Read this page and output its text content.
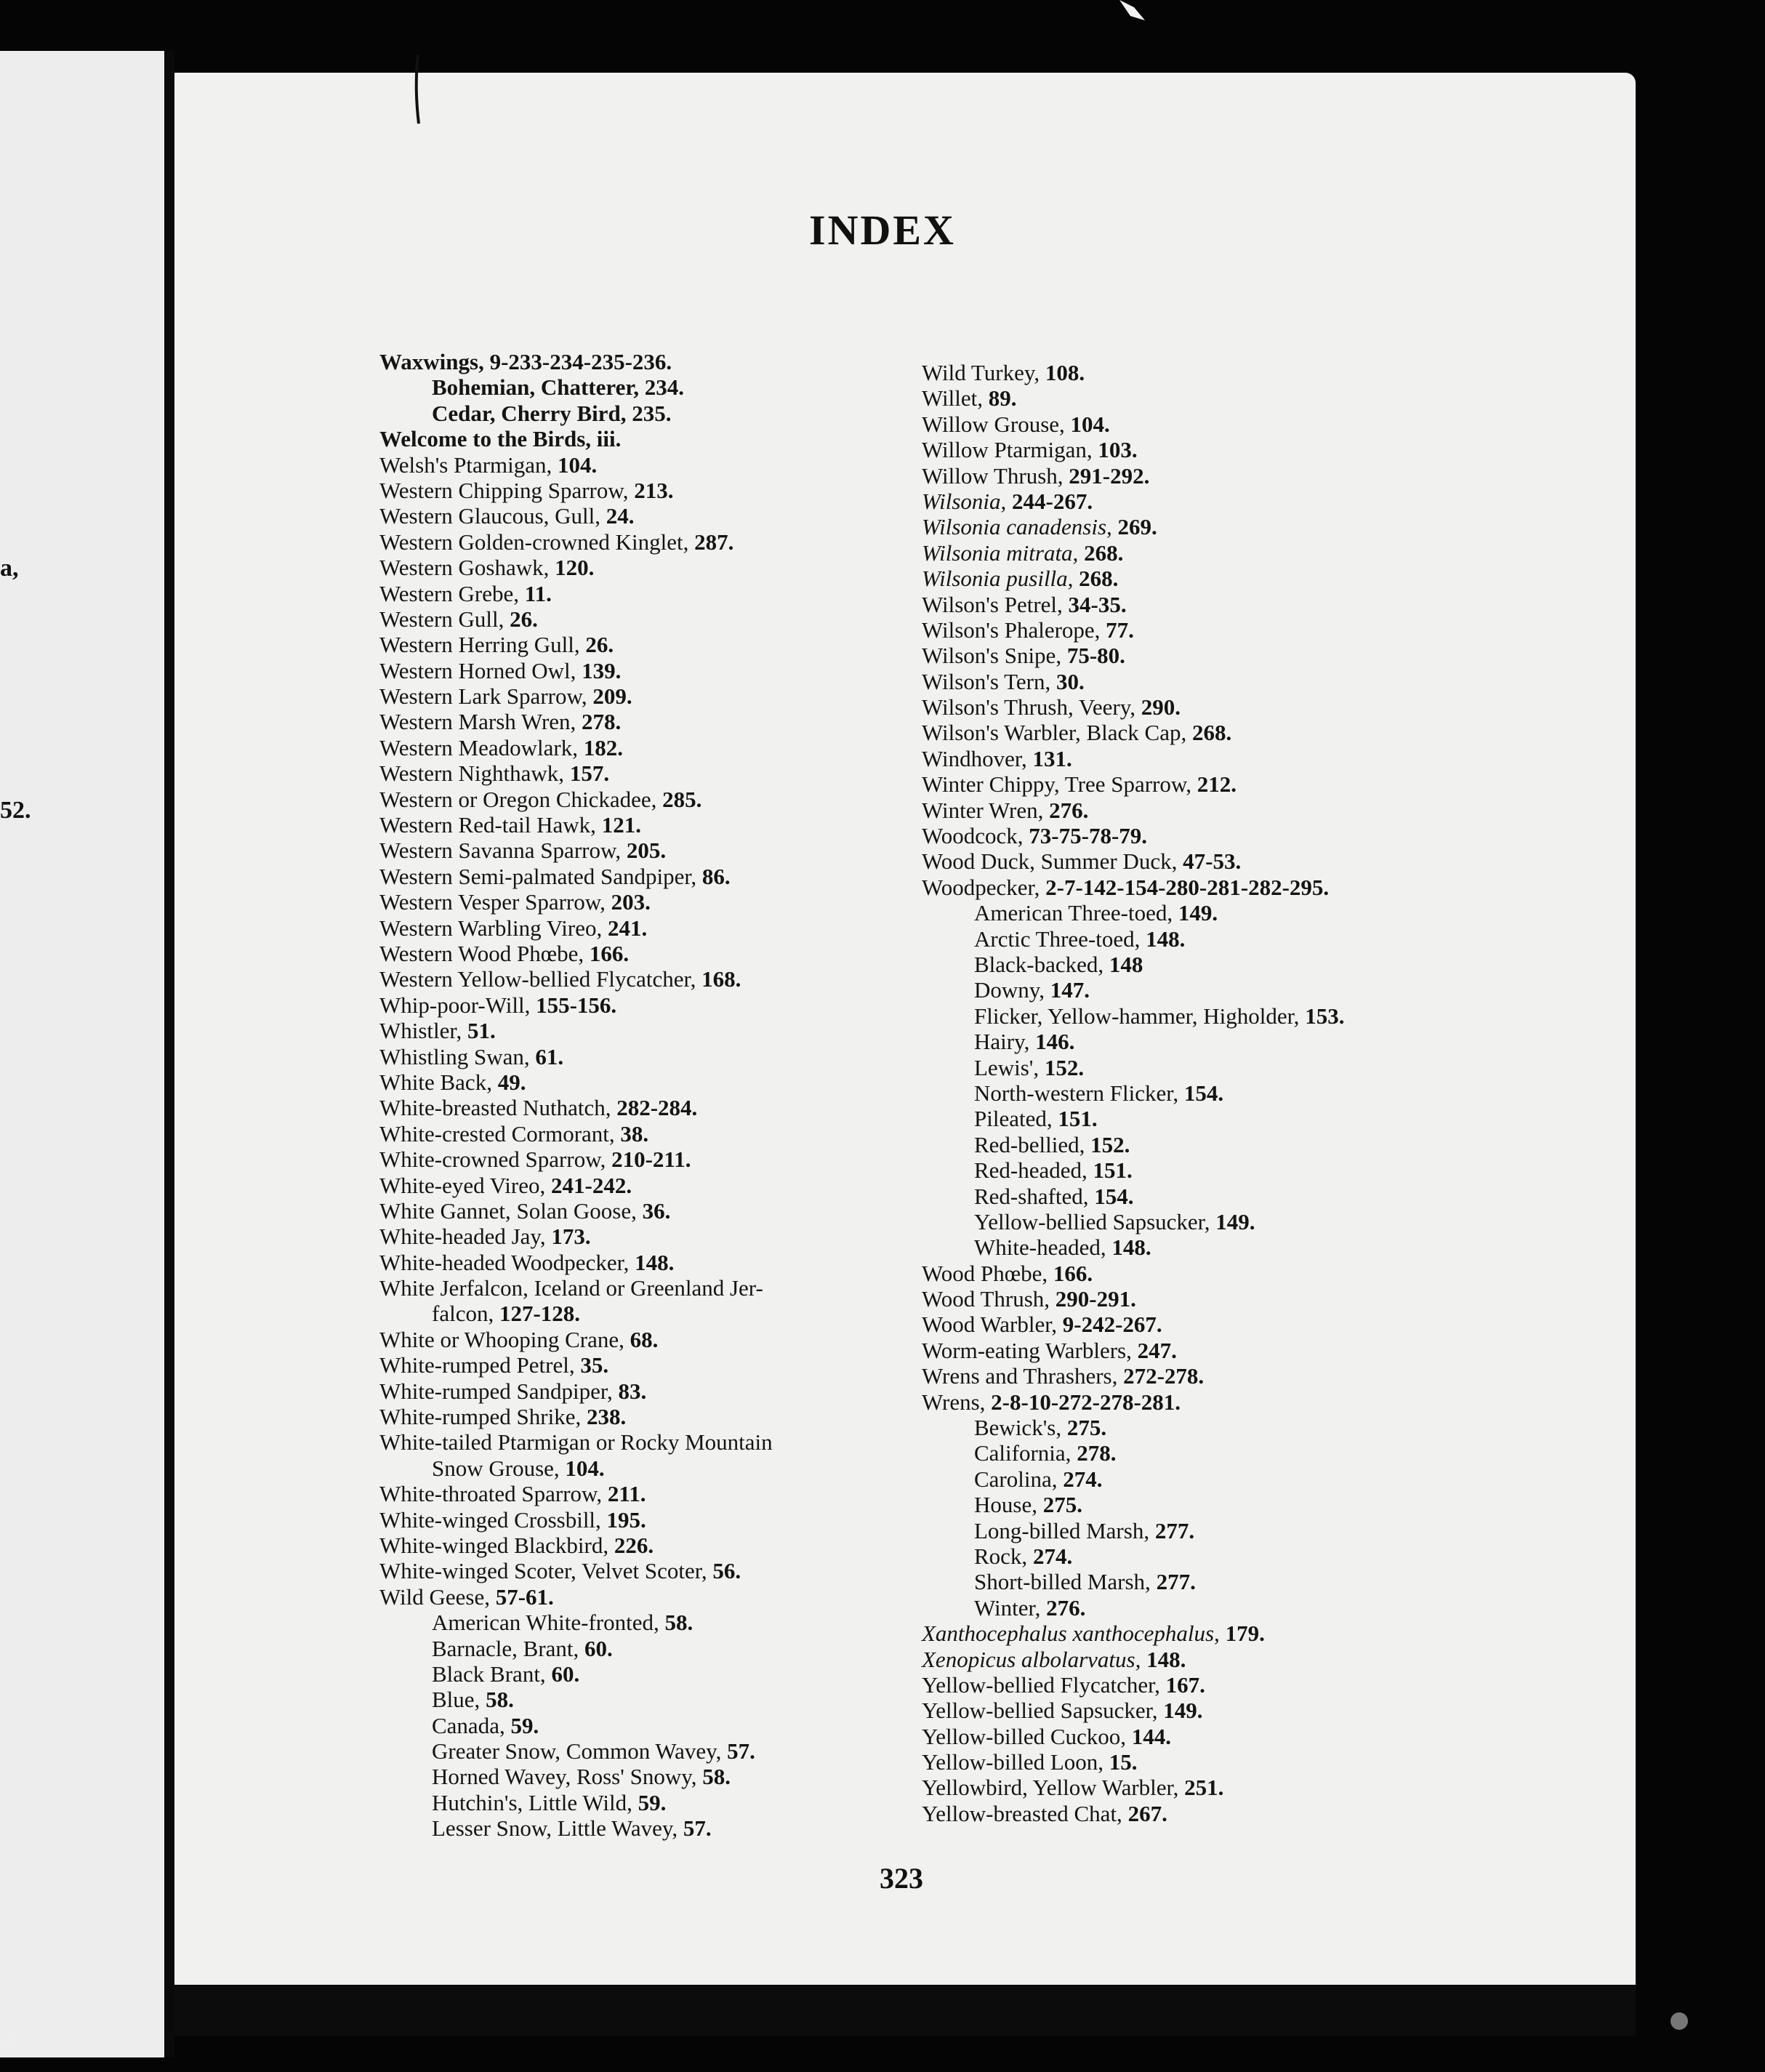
a,
52.
INDEX
Waxwings, 9-233-234-235-236.
Bohemian, Chatterer, 234.
Cedar, Cherry Bird, 235.
Welcome to the Birds, iii.
Welsh's Ptarmigan, 104.
Western Chipping Sparrow, 213.
Western Glaucous, Gull, 24.
Western Golden-crowned Kinglet, 287.
Western Goshawk, 120.
Western Grebe, 11.
Western Gull, 26.
Western Herring Gull, 26.
Western Horned Owl, 139.
Western Lark Sparrow, 209.
Western Marsh Wren, 278.
Western Meadowlark, 182.
Western Nighthawk, 157.
Western or Oregon Chickadee, 285.
Western Red-tail Hawk, 121.
Western Savanna Sparrow, 205.
Western Semi-palmated Sandpiper, 86.
Western Vesper Sparrow, 203.
Western Warbling Vireo, 241.
Western Wood Phœbe, 166.
Western Yellow-bellied Flycatcher, 168.
Whip-poor-Will, 155-156.
Whistler, 51.
Whistling Swan, 61.
White Back, 49.
White-breasted Nuthatch, 282-284.
White-crested Cormorant, 38.
White-crowned Sparrow, 210-211.
White-eyed Vireo, 241-242.
White Gannet, Solan Goose, 36.
White-headed Jay, 173.
White-headed Woodpecker, 148.
White Jerfalcon, Iceland or Greenland Jer-
falcon, 127-128.
White or Whooping Crane, 68.
White-rumped Petrel, 35.
White-rumped Sandpiper, 83.
White-rumped Shrike, 238.
White-tailed Ptarmigan or Rocky Mountain
Snow Grouse, 104.
White-throated Sparrow, 211.
White-winged Crossbill, 195.
White-winged Blackbird, 226.
White-winged Scoter, Velvet Scoter, 56.
Wild Geese, 57-61.
American White-fronted, 58.
Barnacle, Brant, 60.
Black Brant, 60.
Blue, 58.
Canada, 59.
Greater Snow, Common Wavey, 57.
Horned Wavey, Ross' Snowy, 58.
Hutchin's, Little Wild, 59.
Lesser Snow, Little Wavey, 57.
Wild Turkey, 108.
Willet, 89.
Willow Grouse, 104.
Willow Ptarmigan, 103.
Willow Thrush, 291-292.
Wilsonia, 244-267.
Wilsonia canadensis, 269.
Wilsonia mitrata, 268.
Wilsonia pusilla, 268.
Wilson's Petrel, 34-35.
Wilson's Phalerope, 77.
Wilson's Snipe, 75-80.
Wilson's Tern, 30.
Wilson's Thrush, Veery, 290.
Wilson's Warbler, Black Cap, 268.
Windhover, 131.
Winter Chippy, Tree Sparrow, 212.
Winter Wren, 276.
Woodcock, 73-75-78-79.
Wood Duck, Summer Duck, 47-53.
Woodpecker, 2-7-142-154-280-281-282-295.
American Three-toed, 149.
Arctic Three-toed, 148.
Black-backed, 148
Downy, 147.
Flicker, Yellow-hammer, Higholder, 153.
Hairy, 146.
Lewis', 152.
North-western Flicker, 154.
Pileated, 151.
Red-bellied, 152.
Red-headed, 151.
Red-shafted, 154.
Yellow-bellied Sapsucker, 149.
White-headed, 148.
Wood Phœbe, 166.
Wood Thrush, 290-291.
Wood Warbler, 9-242-267.
Worm-eating Warblers, 247.
Wrens and Thrashers, 272-278.
Wrens, 2-8-10-272-278-281.
Bewick's, 275.
California, 278.
Carolina, 274.
House, 275.
Long-billed Marsh, 277.
Rock, 274.
Short-billed Marsh, 277.
Winter, 276.
Xanthocephalus xanthocephalus, 179.
Xenopicus albolarvatus, 148.
Yellow-bellied Flycatcher, 167.
Yellow-bellied Sapsucker, 149.
Yellow-billed Cuckoo, 144.
Yellow-billed Loon, 15.
Yellowbird, Yellow Warbler, 251.
Yellow-breasted Chat, 267.
323
